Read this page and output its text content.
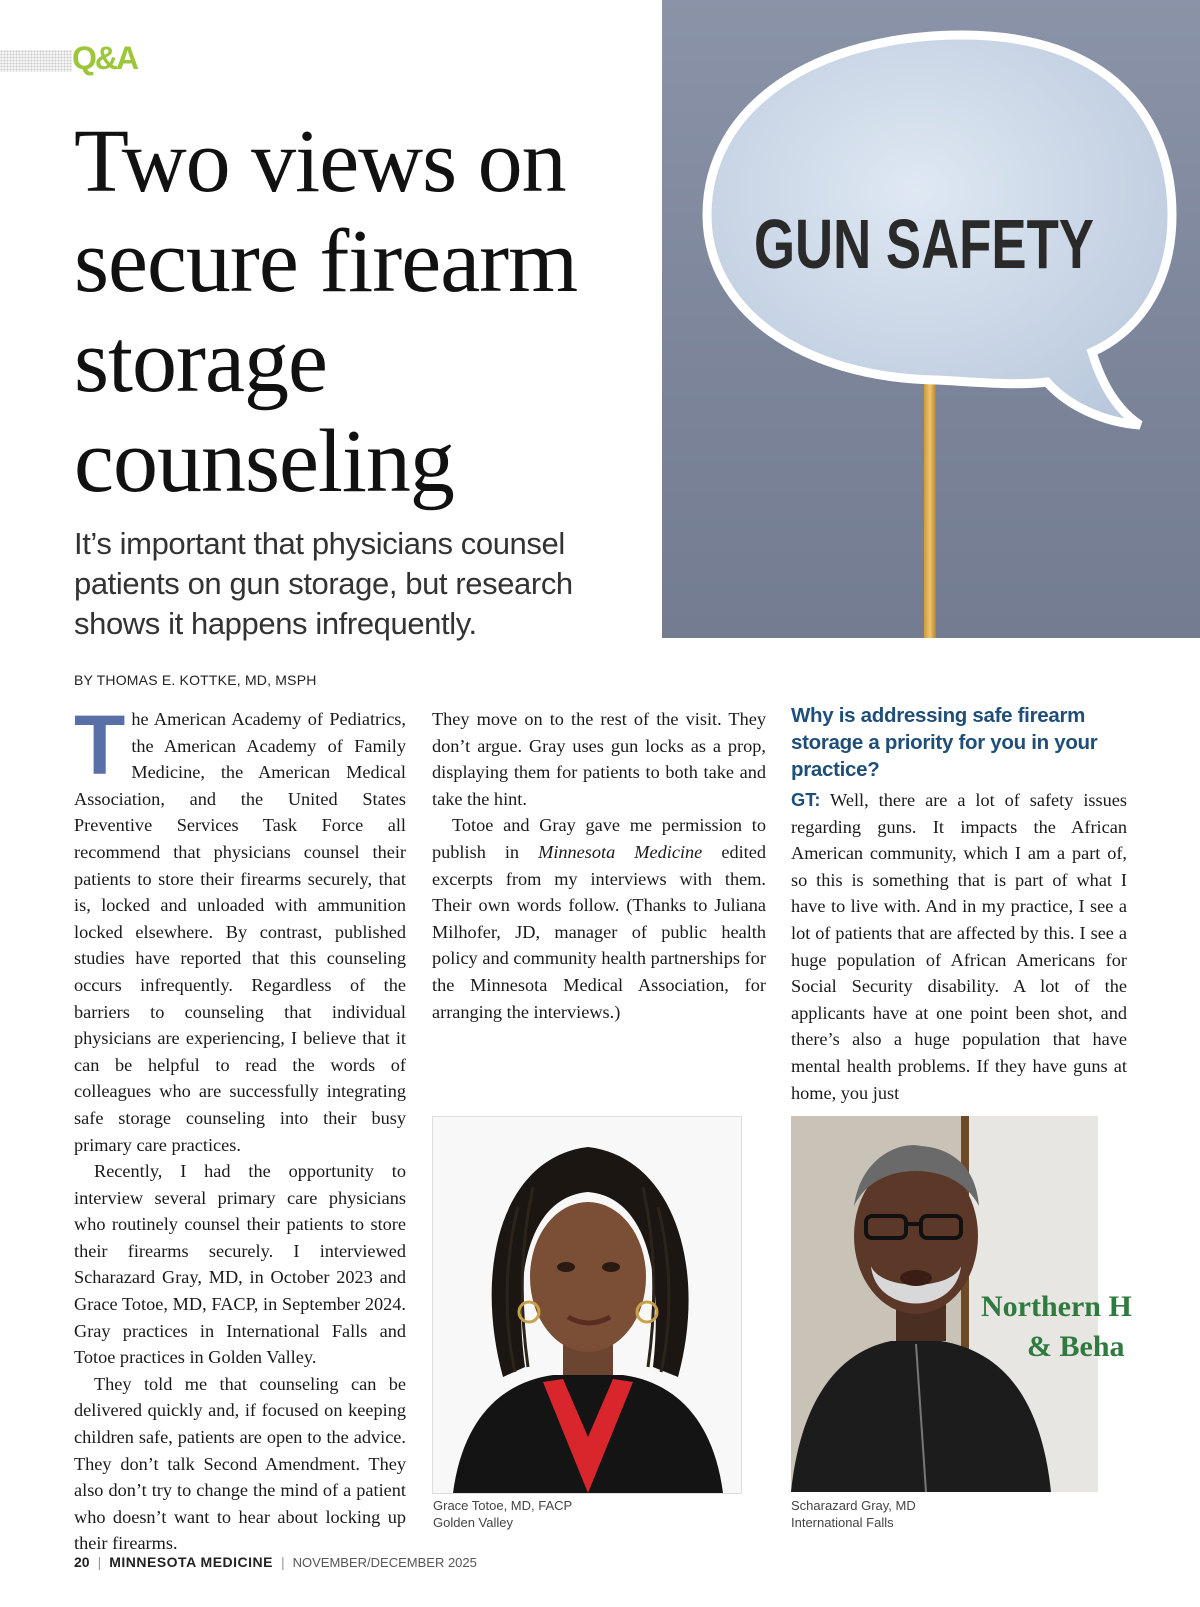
Q&A
Two views on secure firearm storage counseling
It’s important that physicians counsel patients on gun storage, but research shows it happens infrequently.
GUN SAFETY
BY THOMAS E. KOTTKE, MD, MSPH

The American Academy of Pediatrics, the American Academy of Family Medicine, the American Medical Association, and the United States Preventive Services Task Force all recommend that physicians counsel their patients to store their firearms securely, that is, locked and unloaded with ammunition locked elsewhere. By contrast, published studies have reported that this counseling occurs infrequently. Regardless of the barriers to counseling that individual physicians are experiencing, I believe that it can be helpful to read the words of colleagues who are successfully integrating safe storage counseling into their busy primary care practices.

Recently, I had the opportunity to interview several primary care physicians who routinely counsel their patients to store their firearms securely. I interviewed Scharazard Gray, MD, in October 2023 and Grace Totoe, MD, FACP, in September 2024. Gray practices in International Falls and Totoe practices in Golden Valley.

They told me that counseling can be delivered quickly and, if focused on keeping children safe, patients are open to the advice. They don’t talk Second Amendment. They also don’t try to change the mind of a patient who doesn’t want to hear about locking up their firearms.

They move on to the rest of the visit. They don’t argue. Gray uses gun locks as a prop, displaying them for patients to both take and take the hint.

Totoe and Gray gave me permission to publish in Minnesota Medicine edited excerpts from my interviews with them. Their own words follow. (Thanks to Juliana Milhofer, JD, manager of public health policy and community health partnerships for the Minnesota Medical Association, for arranging the interviews.)

Why is addressing safe firearm storage a priority for you in your practice?

GT: Well, there are a lot of safety issues regarding guns. It impacts the African American community, which I am a part of, so this is something that is part of what I have to live with. And in my practice, I see a lot of patients that are affected by this. I see a huge population of African Americans for Social Security disability. A lot of the applicants have at one point been shot, and there’s also a huge population that have mental health problems. If they have guns at home, you just

Grace Totoe, MD, FACP
Golden Valley
Northern H
& Beha
Scharazard Gray, MD
International Falls
20 | MINNESOTA MEDICINE | NOVEMBER/DECEMBER 2025
